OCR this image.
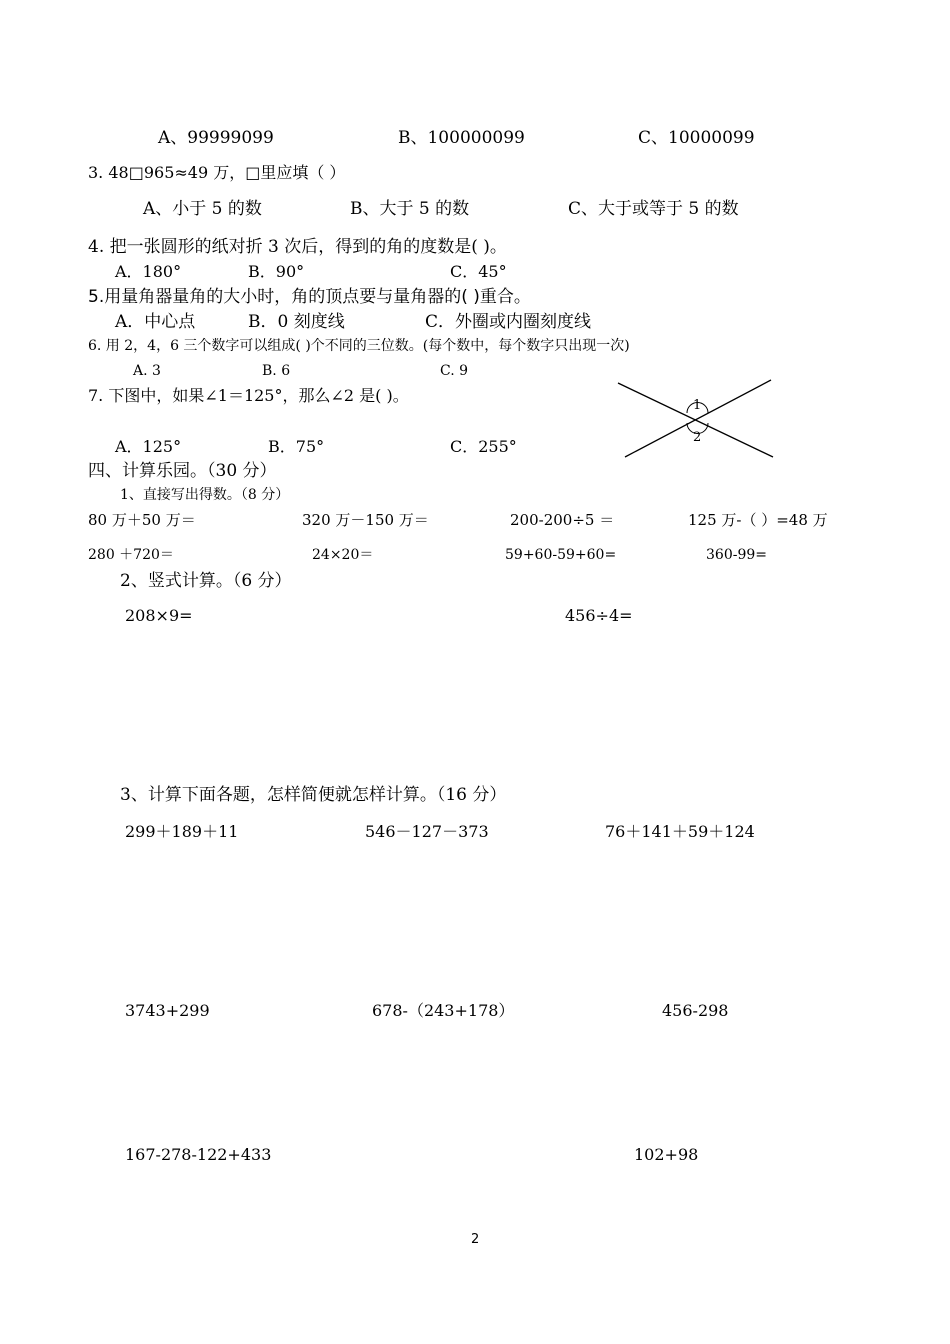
A、99999099	B、100000099	C、10000099
3. 48□965≈49 万，□里应填（ ）
A、小于 5 的数	B、大于 5 的数	C、大于或等于 5 的数
4. 把一张圆形的纸对折 3 次后，得到的角的度数是( )。
A．180°	B．90°	C．45°
5.用量角器量角的大小时，角的顶点要与量角器的( )重合。
A．中心点	B．0 刻度线	C．外圈或内圈刻度线
6. 用 2，4，6 三个数字可以组成( )个不同的三位数。(每个数中，每个数字只出现一次)
A. 3	B. 6	C. 9
7. 下图中，如果∠1＝125°，那么∠2 是( )。
A．125°	B．75°	C．255°
1
2
四、计算乐园。（30 分）
1、直接写出得数。（8 分）
80 万＋50 万＝	320 万－150 万＝	200-200÷5 ＝	125 万-（ ）=48 万
280 ＋720＝	24×20＝	59+60-59+60=	360-99=
2、竖式计算。（6 分）
208×9=	456÷4=
3、计算下面各题，怎样简便就怎样计算。（16 分）
299＋189＋11	546－127－373	76＋141＋59＋124
3743+299	678-（243+178）	456-298
167-278-122+433	102+98
2
